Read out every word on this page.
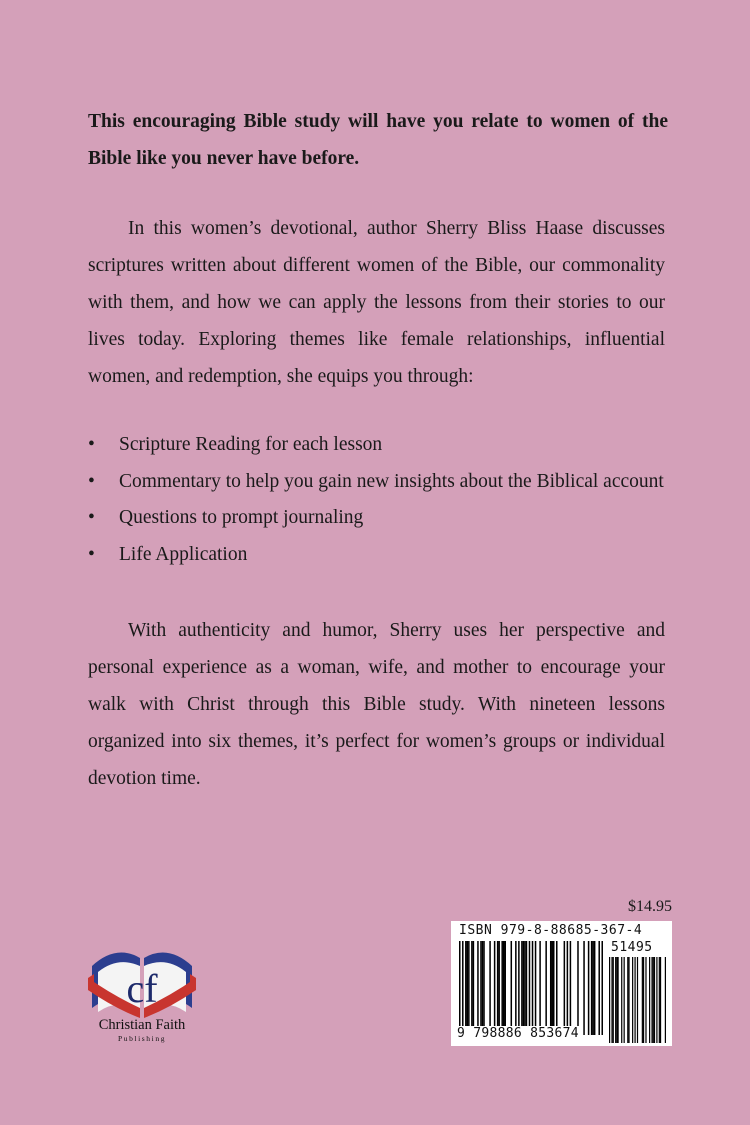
This encouraging Bible study will have you relate to women of the Bible like you never have before.

In this women’s devotional, author Sherry Bliss Haase discusses scriptures written about different women of the Bible, our commonality with them, and how we can apply the lessons from their stories to our lives today. Exploring themes like female relationships, influential women, and redemption, she equips you through:

• Scripture Reading for each lesson
• Commentary to help you gain new insights about the Biblical account
• Questions to prompt journaling
• Life Application

With authenticity and humor, Sherry uses her perspective and personal experience as a woman, wife, and mother to encourage your walk with Christ through this Bible study. With nineteen lessons organized into six themes, it’s perfect for women’s groups or individual devotion time.

$14.95
ISBN 979-8-88685-367-4
51495
9 798886 853674
cf
Christian Faith
Publishing
